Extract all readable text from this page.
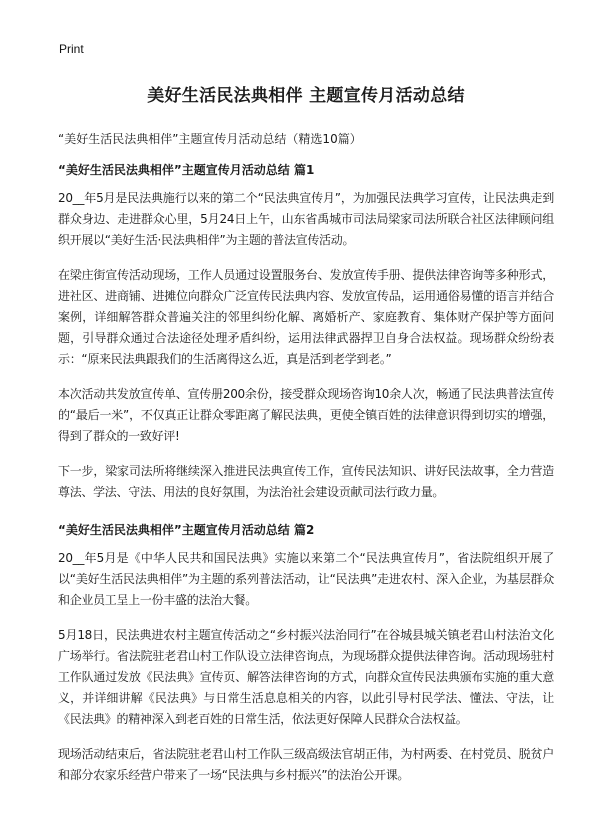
Print
美好生活民法典相伴 主题宣传月活动总结

“美好生活民法典相伴”主题宣传月活动总结（精选10篇）

“美好生活民法典相伴”主题宣传月活动总结 篇1

20__年5月是民法典施行以来的第二个“民法典宣传月”，为加强民法典学习宣传，让民法典走到群众身边、走进群众心里，5月24日上午，山东省禹城市司法局梁家司法所联合社区法律顾问组织开展以“美好生活·民法典相伴”为主题的普法宣传活动。

在梁庄街宣传活动现场，工作人员通过设置服务台、发放宣传手册、提供法律咨询等多种形式，进社区、进商铺、进摊位向群众广泛宣传民法典内容、发放宣传品，运用通俗易懂的语言并结合案例，详细解答群众普遍关注的邻里纠纷化解、离婚析产、家庭教育、集体财产保护等方面问题，引导群众通过合法途径处理矛盾纠纷，运用法律武器捍卫自身合法权益。现场群众纷纷表示：“原来民法典跟我们的生活离得这么近，真是活到老学到老。”

本次活动共发放宣传单、宣传册200余份，接受群众现场咨询10余人次，畅通了民法典普法宣传的“最后一米”，不仅真正让群众零距离了解民法典，更使全镇百姓的法律意识得到切实的增强，得到了群众的一致好评!

下一步，梁家司法所将继续深入推进民法典宣传工作，宣传民法知识、讲好民法故事，全力营造尊法、学法、守法、用法的良好氛围，为法治社会建设贡献司法行政力量。

“美好生活民法典相伴”主题宣传月活动总结 篇2

20__年5月是《中华人民共和国民法典》实施以来第二个“民法典宣传月”，省法院组织开展了以“美好生活民法典相伴”为主题的系列普法活动，让“民法典”走进农村、深入企业，为基层群众和企业员工呈上一份丰盛的法治大餐。

5月18日，民法典进农村主题宣传活动之“乡村振兴法治同行”在谷城县城关镇老君山村法治文化广场举行。省法院驻老君山村工作队设立法律咨询点，为现场群众提供法律咨询。活动现场驻村工作队通过发放《民法典》宣传页、解答法律咨询的方式，向群众宣传民法典颁布实施的重大意义，并详细讲解《民法典》与日常生活息息相关的内容，以此引导村民学法、懂法、守法，让《民法典》的精神深入到老百姓的日常生活，依法更好保障人民群众合法权益。

现场活动结束后，省法院驻老君山村工作队三级高级法官胡正伟，为村两委、在村党员、脱贫户和部分农家乐经营户带来了一场“民法典与乡村振兴”的法治公开课。
